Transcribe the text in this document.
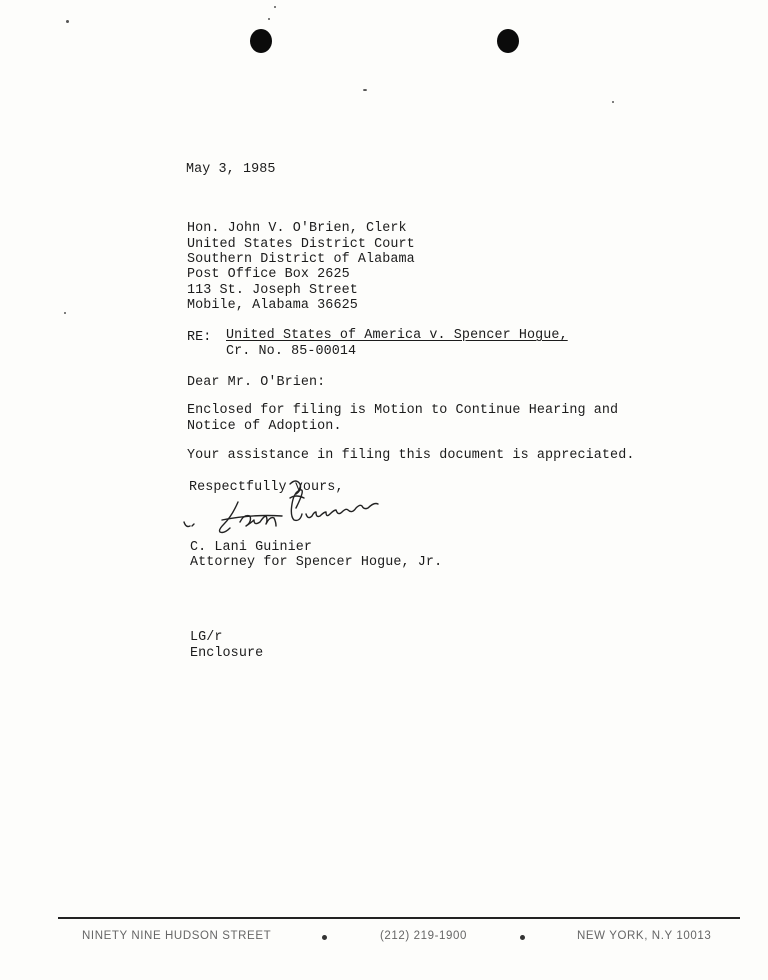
May 3, 1985
Hon. John V. O'Brien, Clerk
United States District Court
Southern District of Alabama
Post Office Box 2625
113 St. Joseph Street
Mobile, Alabama 36625
RE: United States of America v. Spencer Hogue,
Cr. No. 85-00014
Dear Mr. O'Brien:
Enclosed for filing is Motion to Continue Hearing and
Notice of Adoption.
Your assistance in filing this document is appreciated.
Respectfully yours,
C. Lani Guinier
Attorney for Spencer Hogue, Jr.
LG/r
Enclosure
NINETY NINE HUDSON STREET	(212) 219-1900	NEW YORK, N.Y 10013
